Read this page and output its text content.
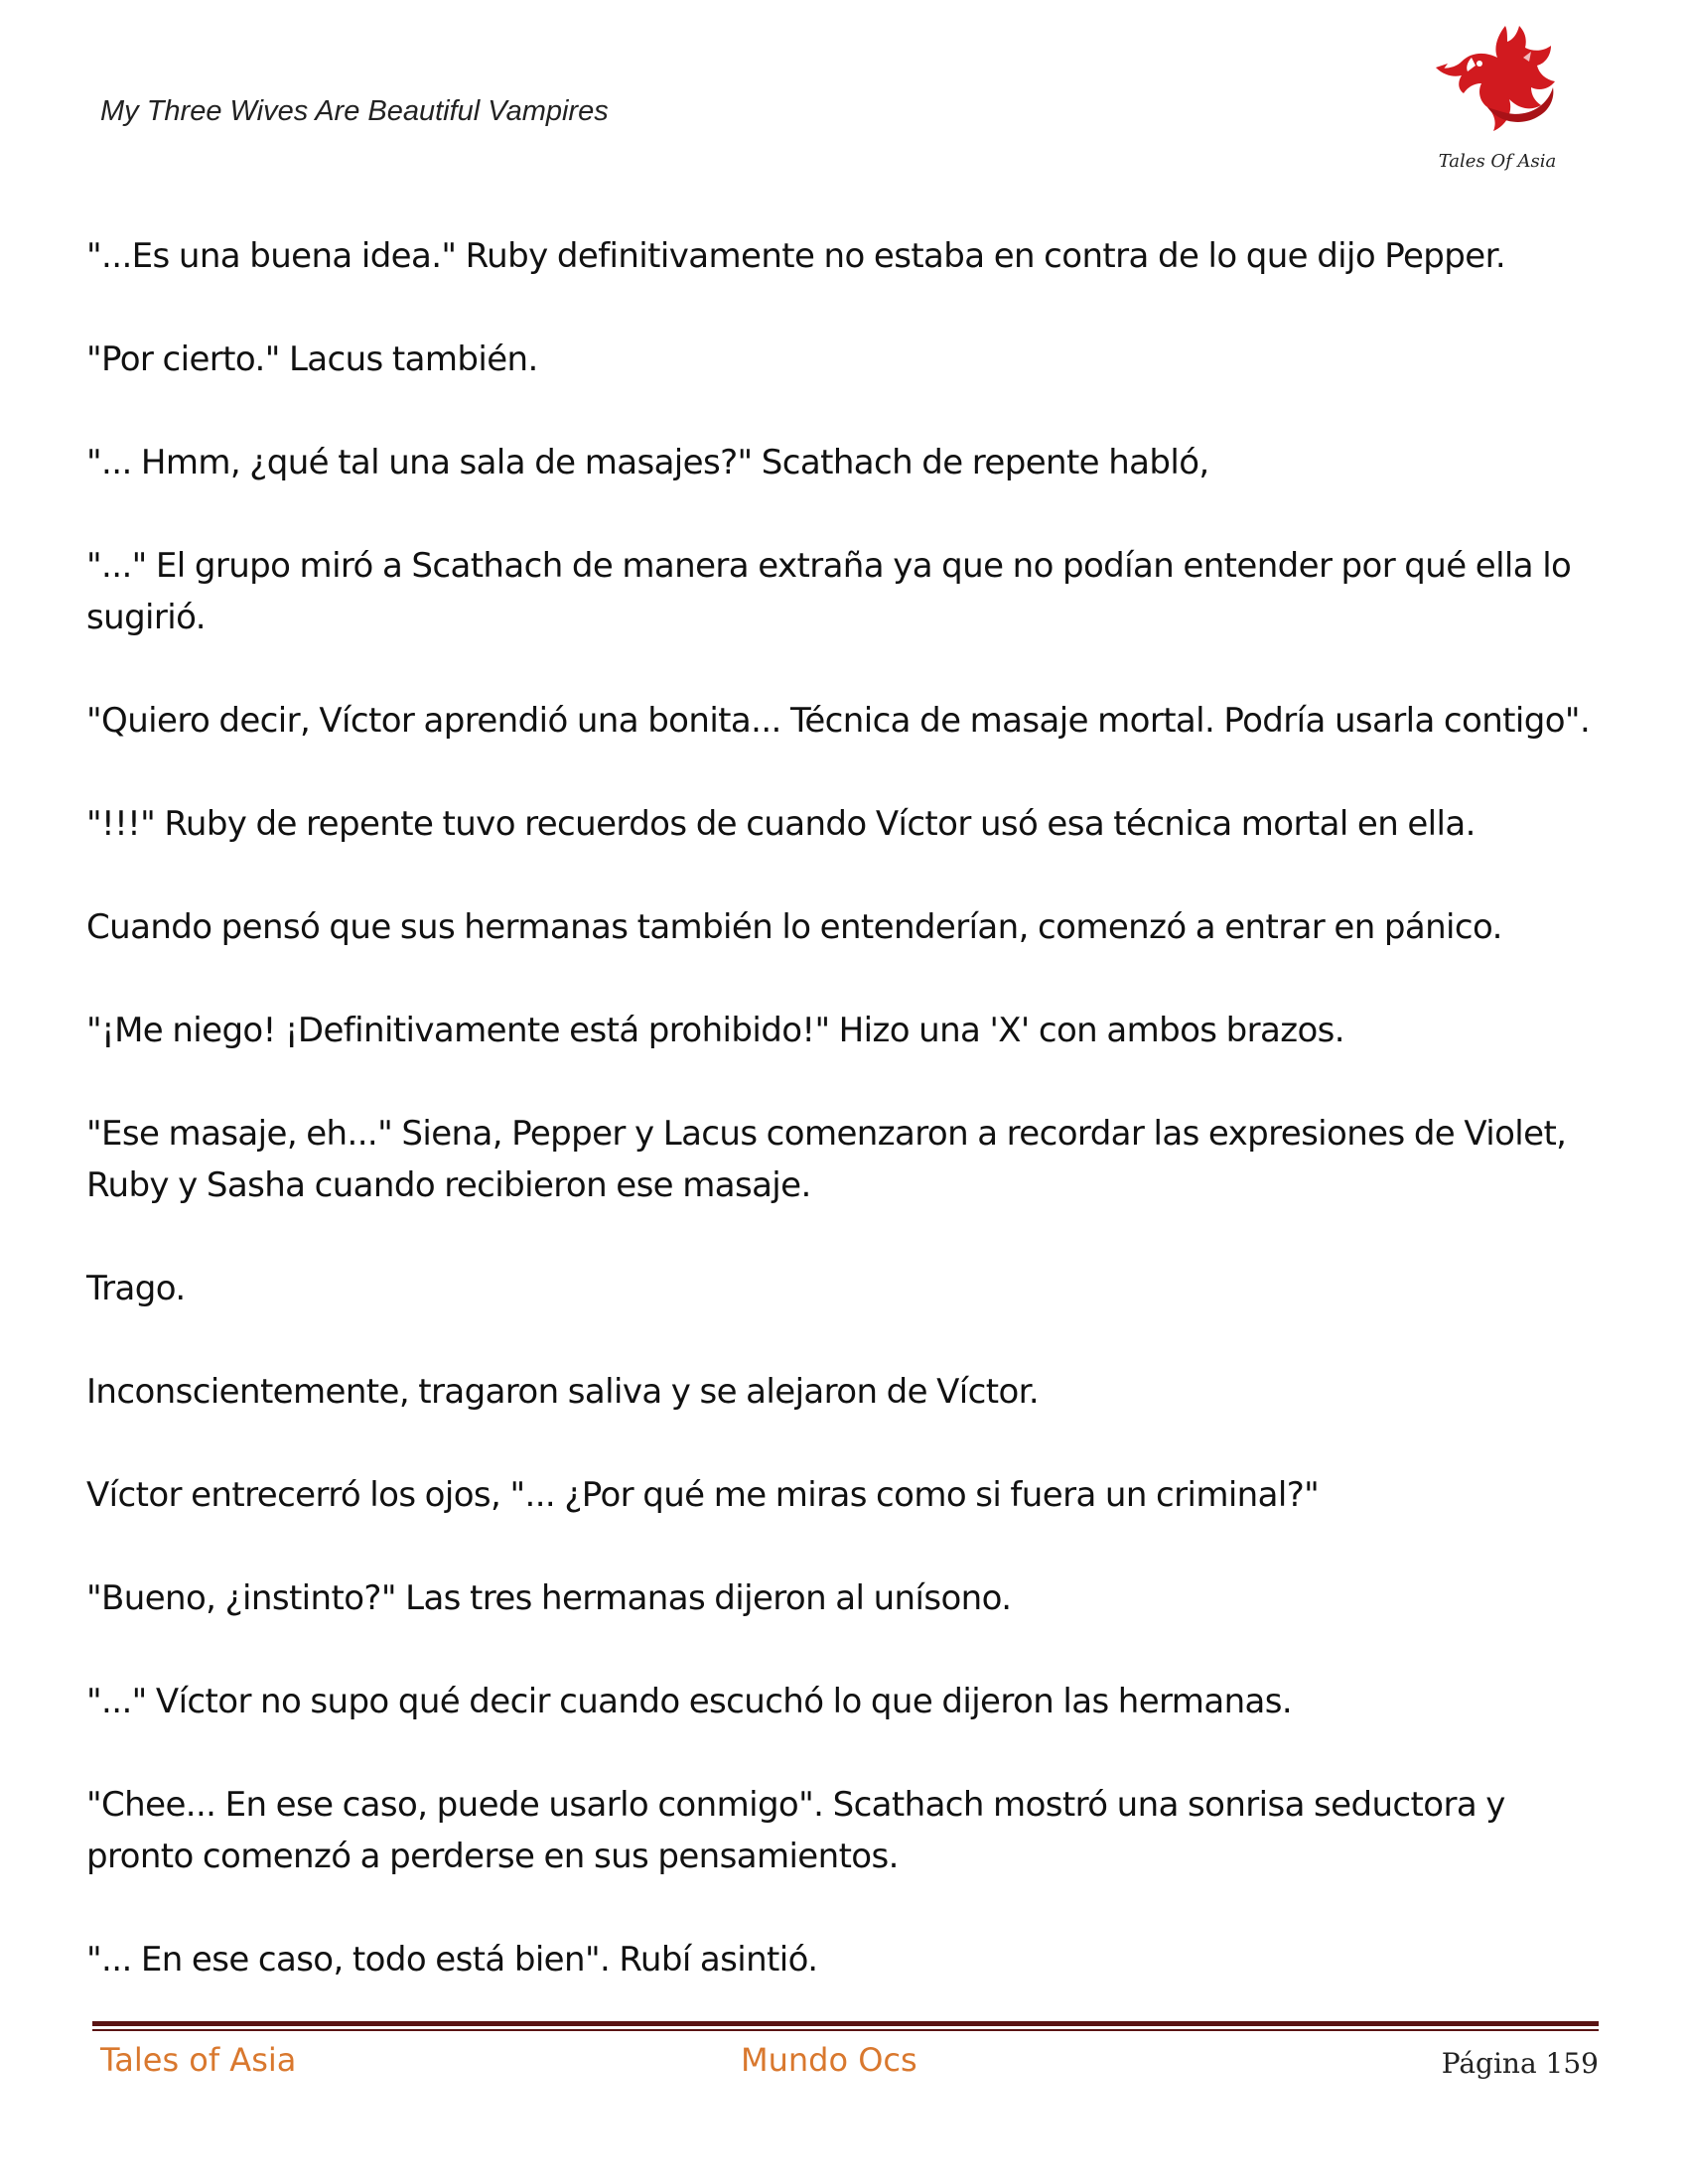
My Three Wives Are Beautiful Vampires
Tales Of Asia

"...Es una buena idea." Ruby definitivamente no estaba en contra de lo que dijo Pepper.

"Por cierto." Lacus también.

"... Hmm, ¿qué tal una sala de masajes?" Scathach de repente habló,

"..." El grupo miró a Scathach de manera extraña ya que no podían entender por qué ella lo sugirió.

"Quiero decir, Víctor aprendió una bonita... Técnica de masaje mortal. Podría usarla contigo".

"!!!" Ruby de repente tuvo recuerdos de cuando Víctor usó esa técnica mortal en ella.

Cuando pensó que sus hermanas también lo entenderían, comenzó a entrar en pánico.

"¡Me niego! ¡Definitivamente está prohibido!" Hizo una 'X' con ambos brazos.

"Ese masaje, eh..." Siena, Pepper y Lacus comenzaron a recordar las expresiones de Violet, Ruby y Sasha cuando recibieron ese masaje.

Trago.

Inconscientemente, tragaron saliva y se alejaron de Víctor.

Víctor entrecerró los ojos, "... ¿Por qué me miras como si fuera un criminal?"

"Bueno, ¿instinto?" Las tres hermanas dijeron al unísono.

"..." Víctor no supo qué decir cuando escuchó lo que dijeron las hermanas.

"Chee... En ese caso, puede usarlo conmigo". Scathach mostró una sonrisa seductora y pronto comenzó a perderse en sus pensamientos.

"... En ese caso, todo está bien". Rubí asintió.

Tales of Asia	Mundo Ocs	Página 159
